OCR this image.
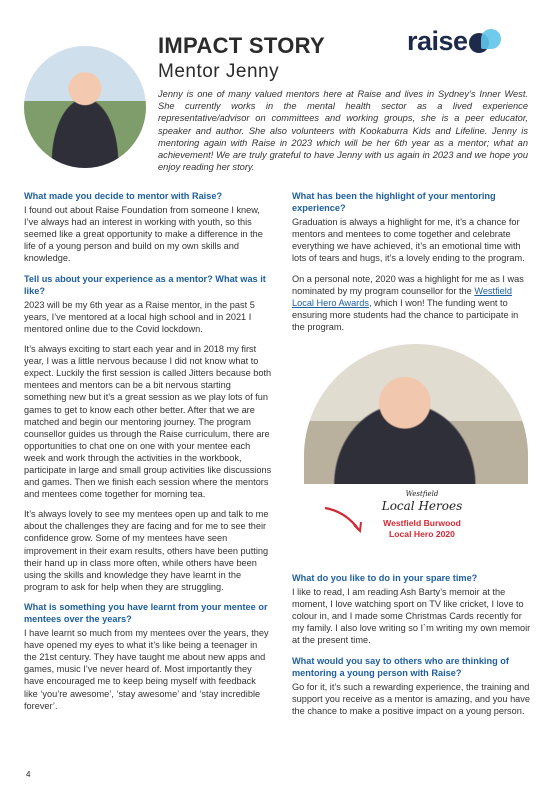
IMPACT STORY
Mentor Jenny
raise

Jenny is one of many valued mentors here at Raise and lives in Sydney’s Inner West. She currently works in the mental health sector as a lived experience representative/advisor on committees and working groups, she is a peer educator, speaker and author. She also volunteers with Kookaburra Kids and Lifeline. Jenny is mentoring again with Raise in 2023 which will be her 6th year as a mentor; what an achievement! We are truly grateful to have Jenny with us again in 2023 and we hope you enjoy reading her story.

What made you decide to mentor with Raise?

I found out about Raise Foundation from someone I knew, I’ve always had an interest in working with youth, so this seemed like a great opportunity to make a difference in the life of a young person and build on my own skills and knowledge.

Tell us about your experience as a mentor? What was it like?

2023 will be my 6th year as a Raise mentor, in the past 5 years, I’ve mentored at a local high school and in 2021 I mentored online due to the Covid lockdown.

It’s always exciting to start each year and in 2018 my first year, I was a little nervous because I did not know what to expect. Luckily the first session is called Jitters because both mentees and mentors can be a bit nervous starting something new but it’s a great session as we play lots of fun games to get to know each other better. After that we are matched and begin our mentoring journey. The program counsellor guides us through the Raise curriculum, there are opportunities to chat one on one with your mentee each week and work through the activities in the workbook, participate in large and small group activities like discussions and games. Then we finish each session where the mentors and mentees come together for morning tea.

It’s always lovely to see my mentees open up and talk to me about the challenges they are facing and for me to see their confidence grow. Some of my mentees have seen improvement in their exam results, others have been putting their hand up in class more often, while others have been using the skills and knowledge they have learnt in the program to ask for help when they are struggling.

What is something you have learnt from your mentee or mentees over the years?

I have learnt so much from my mentees over the years, they have opened my eyes to what it’s like being a teenager in the 21st century. They have taught me about new apps and games, music I’ve never heard of. Most importantly they have encouraged me to keep being myself with feedback like ‘you’re awesome’, ‘stay awesome’ and ‘stay incredible forever’.

What has been the highlight of your mentoring experience?

Graduation is always a highlight for me, it’s a chance for mentors and mentees to come together and celebrate everything we have achieved, it’s an emotional time with lots of tears and hugs, it’s a lovely ending to the program.

On a personal note, 2020 was a highlight for me as I was nominated by my program counsellor for the Westfield Local Hero Awards, which I won! The funding went to ensuring more students had the chance to participate in the program.

Westfield
Local Heroes
Westfield Burwood
Local Hero 2020

What do you like to do in your spare time?

I like to read, I am reading Ash Barty’s memoir at the moment, I love watching sport on TV like cricket, I love to colour in, and I made some Christmas Cards recently for my family. I also love writing so I`m writing my own memoir at the present time.

What would you say to others who are thinking of mentoring a young person with Raise?

Go for it, it’s such a rewarding experience, the training and support you receive as a mentor is amazing, and you have the chance to make a positive impact on a young person.

4
